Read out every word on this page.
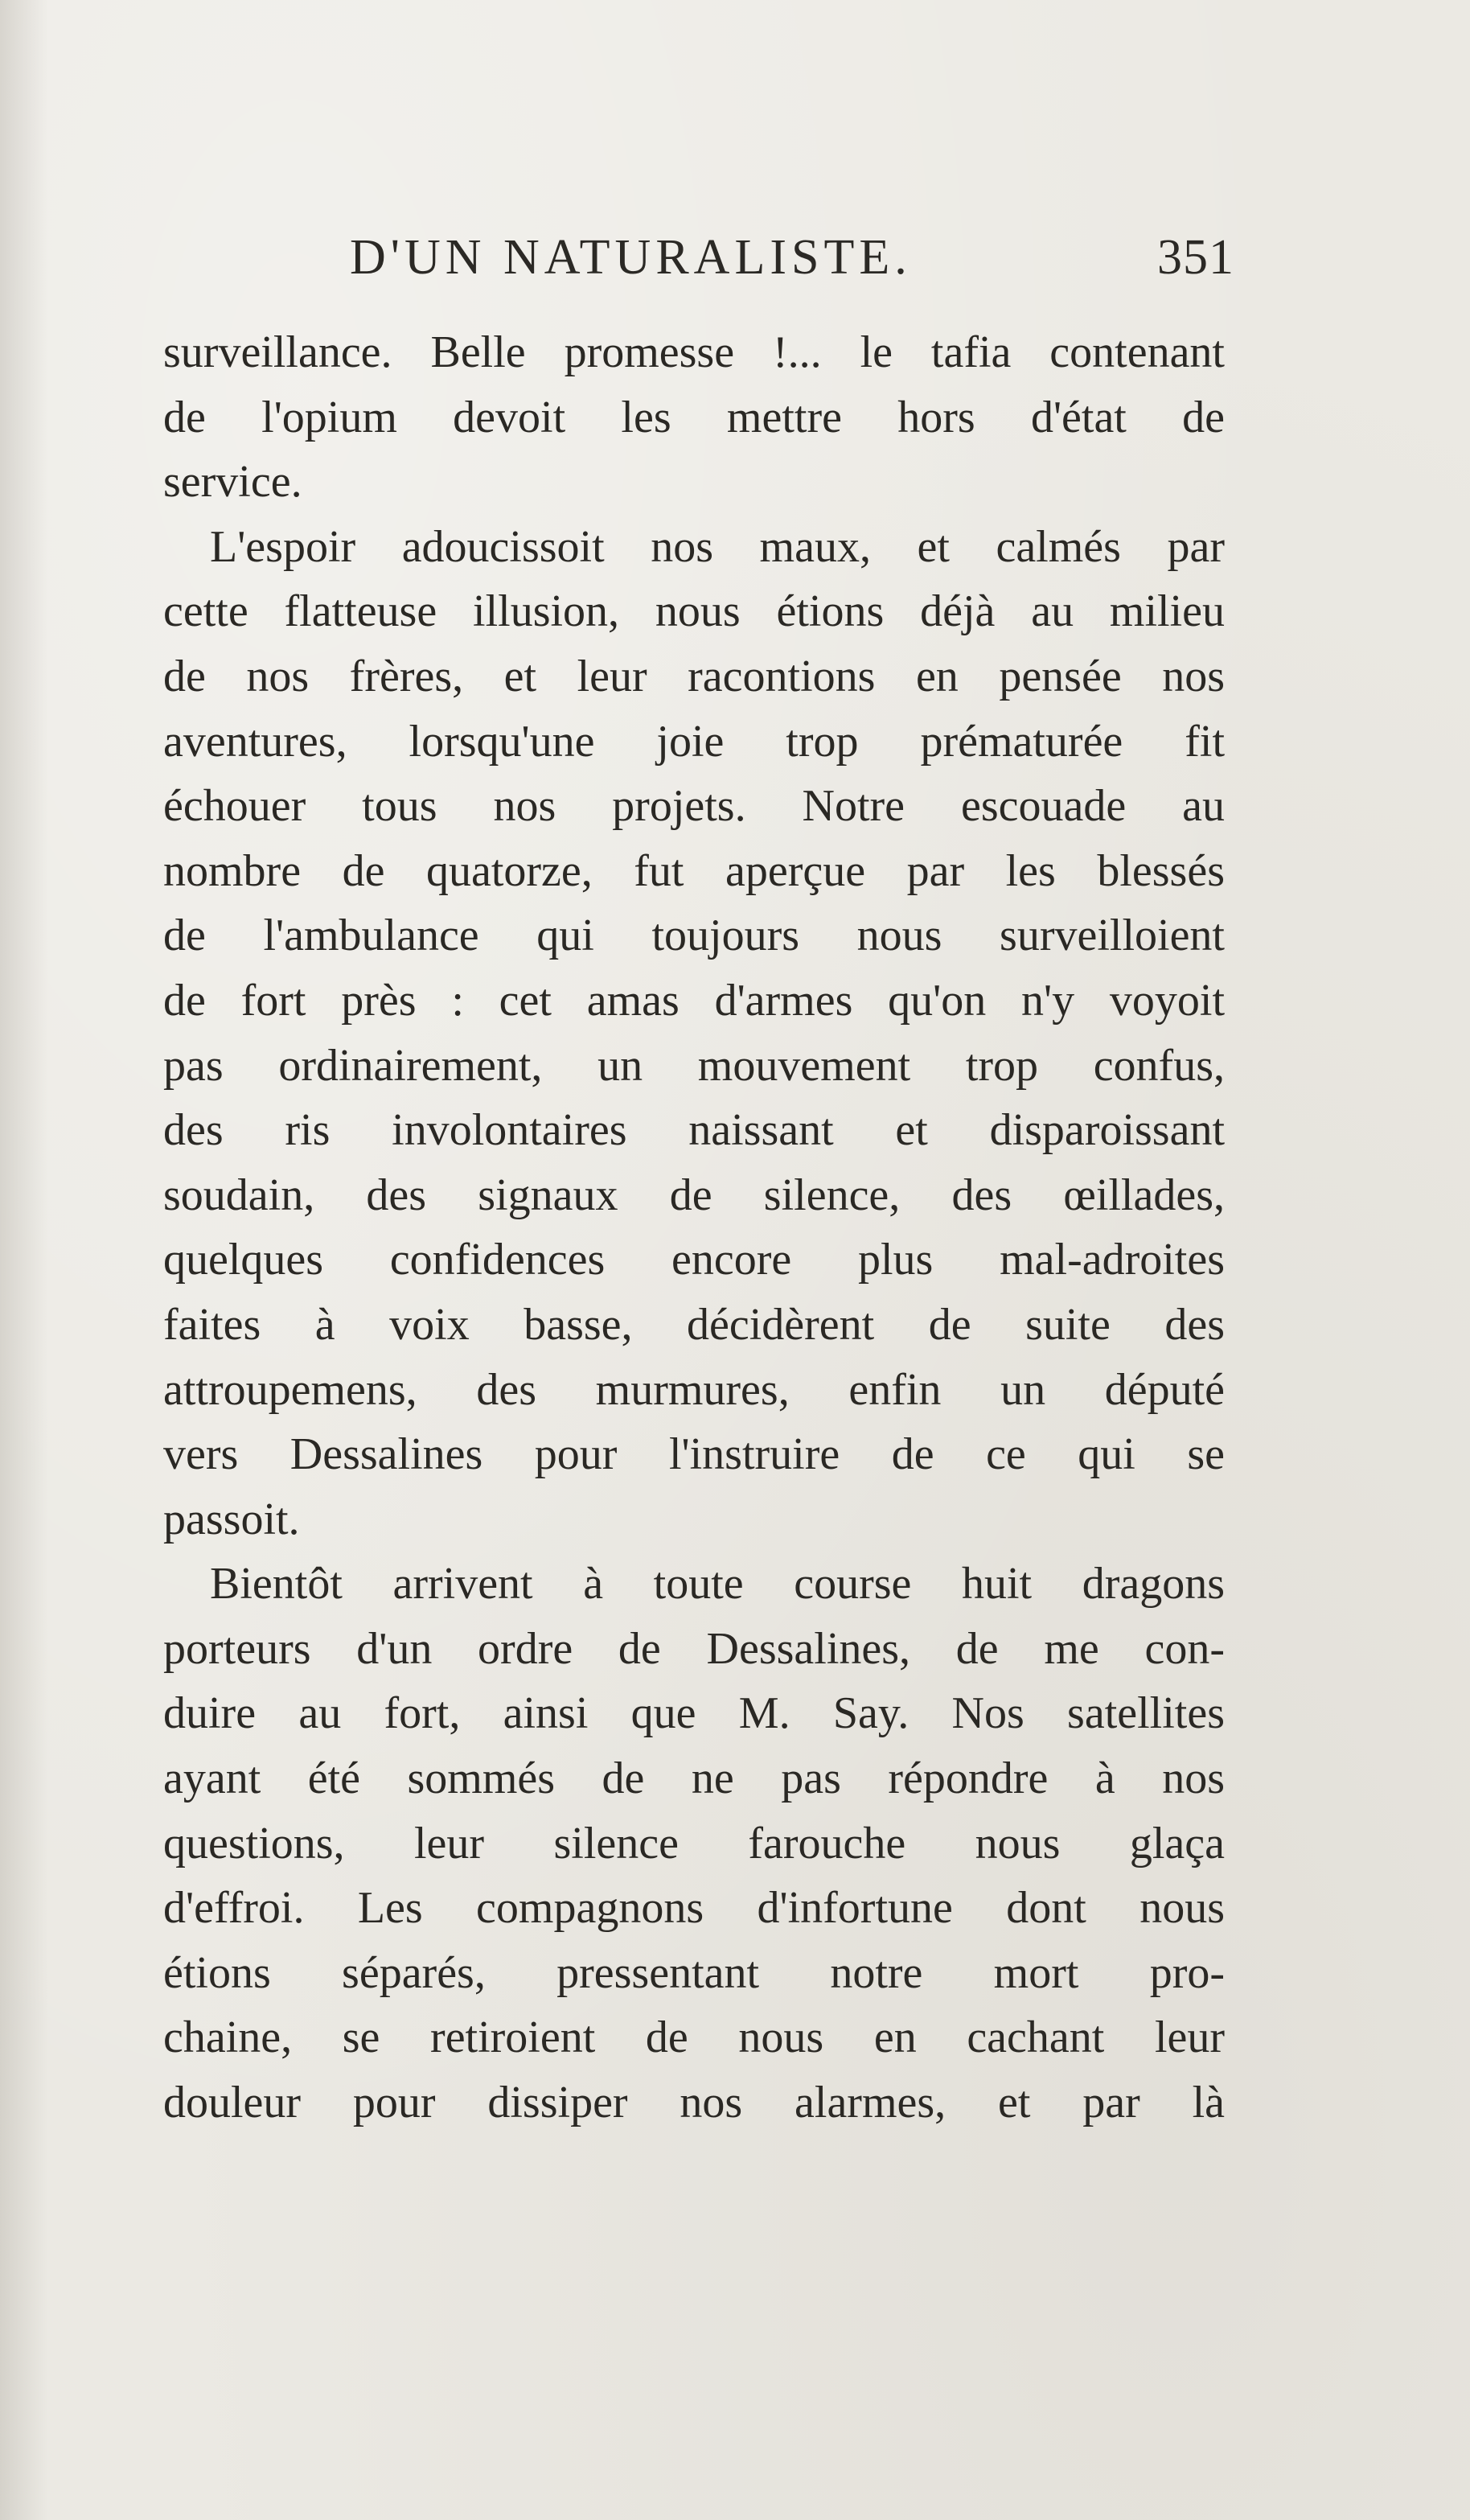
D'UN NATURALISTE.	351
surveillance. Belle promesse !... le tafia contenant
de l'opium devoit les mettre hors d'état de
service.
L'espoir adoucissoit nos maux, et calmés par
cette flatteuse illusion, nous étions déjà au milieu
de nos frères, et leur racontions en pensée nos
aventures, lorsqu'une joie trop prématurée fit
échouer tous nos projets. Notre escouade au
nombre de quatorze, fut aperçue par les blessés
de l'ambulance qui toujours nous surveilloient
de fort près : cet amas d'armes qu'on n'y voyoit
pas ordinairement, un mouvement trop confus,
des ris involontaires naissant et disparoissant
soudain, des signaux de silence, des œillades,
quelques confidences encore plus mal-adroites
faites à voix basse, décidèrent de suite des
attroupemens, des murmures, enfin un député
vers Dessalines pour l'instruire de ce qui se
passoit.
Bientôt arrivent à toute course huit dragons
porteurs d'un ordre de Dessalines, de me con-
duire au fort, ainsi que M. Say. Nos satellites
ayant été sommés de ne pas répondre à nos
questions, leur silence farouche nous glaça
d'effroi. Les compagnons d'infortune dont nous
étions séparés, pressentant notre mort pro-
chaine, se retiroient de nous en cachant leur
douleur pour dissiper nos alarmes, et par là
